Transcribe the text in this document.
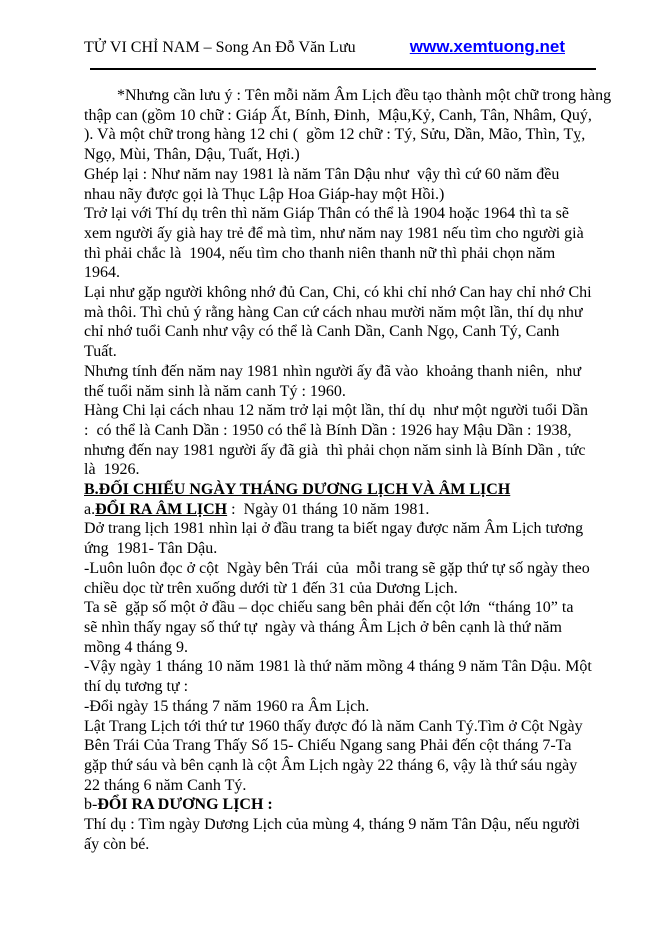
TỬ VI CHỈ NAM – Song An Đỗ Văn Lưu	www.xemtuong.net

*Nhưng cần lưu ý : Tên mỗi năm Âm Lịch đều tạo thành một chữ trong hàng
thập can (gồm 10 chữ : Giáp Ất, Bính, Đinh,  Mậu,Kỷ, Canh, Tân, Nhâm, Quý,
). Và một chữ trong hàng 12 chi (  gồm 12 chữ : Tý, Sửu, Dần, Mão, Thìn, Tỵ,
Ngọ, Mùi, Thân, Dậu, Tuất, Hợi.)

Ghép lại : Như năm nay 1981 là năm Tân Dậu như  vậy thì cứ 60 năm đều
nhau nãy được gọi là Thục Lập Hoa Giáp-hay một Hồi.)

Trở lại với Thí dụ trên thì năm Giáp Thân có thể là 1904 hoặc 1964 thì ta sẽ
xem người ấy già hay trẻ để mà tìm, như năm nay 1981 nếu tìm cho người già
thì phải chắc là  1904, nếu tìm cho thanh niên thanh nữ thì phải chọn năm
1964.

Lại như gặp người không nhớ đủ Can, Chi, có khi chỉ nhớ Can hay chỉ nhớ Chi
mà thôi. Thì chủ ý rằng hàng Can cứ cách nhau mười năm một lần, thí dụ như
chỉ nhớ tuổi Canh như vậy có thể là Canh Dần, Canh Ngọ, Canh Tý, Canh
Tuất.

Nhưng tính đến năm nay 1981 nhìn người ấy đã vào  khoảng thanh niên,  như
thế tuổi năm sinh là năm canh Tý : 1960.

Hàng Chi lại cách nhau 12 năm trở lại một lần, thí dụ  như một người tuổi Dần
:  có thể là Canh Dần : 1950 có thể là Bính Dần : 1926 hay Mậu Dần : 1938,
nhưng đến nay 1981 người ấy đã già  thì phải chọn năm sinh là Bính Dần , tức
là  1926.

B.ĐỐI CHIẾU NGÀY THÁNG DƯƠNG LỊCH VÀ ÂM LỊCH

a.ĐỔI RA ÂM LỊCH :  Ngày 01 tháng 10 năm 1981.

Dở trang lịch 1981 nhìn lại ở đầu trang ta biết ngay được năm Âm Lịch tương
ứng  1981- Tân Dậu.

-Luôn luôn đọc ở cột  Ngày bên Trái  của  mỗi trang sẽ gặp thứ tự số ngày theo
chiều dọc từ trên xuống dưới từ 1 đến 31 của Dương Lịch.

Ta sẽ  gặp số một ở đầu – dọc chiếu sang bên phải đến cột lớn  “tháng 10” ta
sẽ nhìn thấy ngay số thứ tự  ngày và tháng Âm Lịch ở bên cạnh là thứ năm
mồng 4 tháng 9.

-Vậy ngày 1 tháng 10 năm 1981 là thứ năm mồng 4 tháng 9 năm Tân Dậu. Một
thí dụ tương tự :

-Đổi ngày 15 tháng 7 năm 1960 ra Âm Lịch.

Lật Trang Lịch tới thứ tư 1960 thấy được đó là năm Canh Tý.Tìm ở Cột Ngày
Bên Trái Của Trang Thấy Số 15- Chiếu Ngang sang Phải đến cột tháng 7-Ta
gặp thứ sáu và bên cạnh là cột Âm Lịch ngày 22 tháng 6, vậy là thứ sáu ngày
22 tháng 6 năm Canh Tý.

b-ĐỔI RA DƯƠNG LỊCH :

Thí dụ : Tìm ngày Dương Lịch của mùng 4, tháng 9 năm Tân Dậu, nếu người
ấy còn bé.
